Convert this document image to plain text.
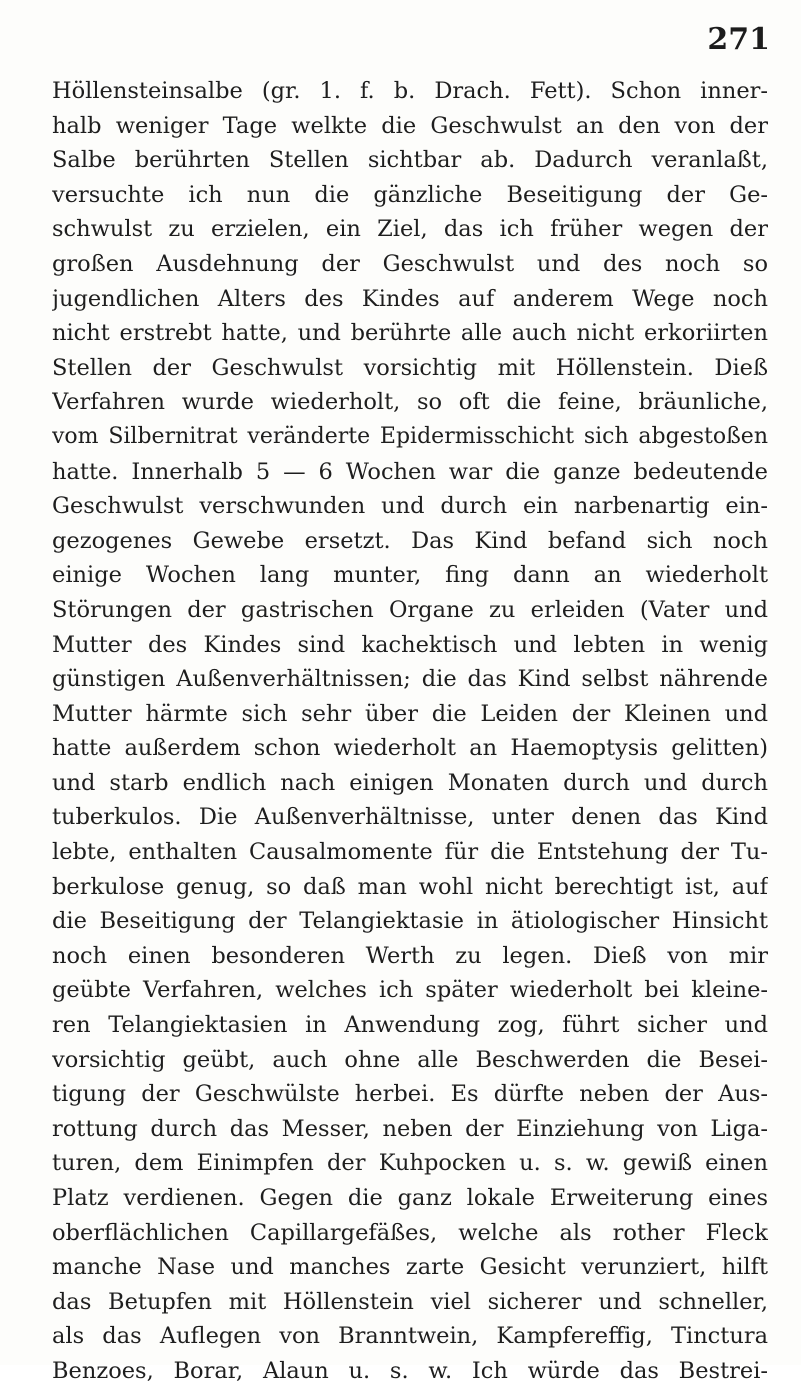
271
Höllensteinsalbe (gr. 1. f. b. Drach. Fett). Schon inner-
halb weniger Tage welkte die Geschwulst an den von der
Salbe berührten Stellen sichtbar ab. Dadurch veranlaßt,
versuchte ich nun die gänzliche Beseitigung der Ge-
schwulst zu erzielen, ein Ziel, das ich früher wegen der
großen Ausdehnung der Geschwulst und des noch so
jugendlichen Alters des Kindes auf anderem Wege noch
nicht erstrebt hatte, und berührte alle auch nicht erkoriirten
Stellen der Geschwulst vorsichtig mit Höllenstein. Dieß
Verfahren wurde wiederholt, so oft die feine, bräunliche,
vom Silbernitrat veränderte Epidermisschicht sich abgestoßen
hatte. Innerhalb 5 — 6 Wochen war die ganze bedeutende
Geschwulst verschwunden und durch ein narbenartig ein-
gezogenes Gewebe ersetzt. Das Kind befand sich noch
einige Wochen lang munter, fing dann an wiederholt
Störungen der gastrischen Organe zu erleiden (Vater und
Mutter des Kindes sind kachektisch und lebten in wenig
günstigen Außenverhältnissen; die das Kind selbst nährende
Mutter härmte sich sehr über die Leiden der Kleinen und
hatte außerdem schon wiederholt an Haemoptysis gelitten)
und starb endlich nach einigen Monaten durch und durch
tuberkulos. Die Außenverhältnisse, unter denen das Kind
lebte, enthalten Causalmomente für die Entstehung der Tu-
berkulose genug, so daß man wohl nicht berechtigt ist, auf
die Beseitigung der Telangiektasie in ätiologischer Hinsicht
noch einen besonderen Werth zu legen. Dieß von mir
geübte Verfahren, welches ich später wiederholt bei kleine-
ren Telangiektasien in Anwendung zog, führt sicher und
vorsichtig geübt, auch ohne alle Beschwerden die Besei-
tigung der Geschwülste herbei. Es dürfte neben der Aus-
rottung durch das Messer, neben der Einziehung von Liga-
turen, dem Einimpfen der Kuhpocken u. s. w. gewiß einen
Platz verdienen. Gegen die ganz lokale Erweiterung eines
oberflächlichen Capillargefäßes, welche als rother Fleck
manche Nase und manches zarte Gesicht verunziert, hilft
das Betupfen mit Höllenstein viel sicherer und schneller,
als das Auflegen von Branntwein, Kampfereffig, Tinctura
Benzoes, Borar, Alaun u. s. w. Ich würde das Bestrei-
